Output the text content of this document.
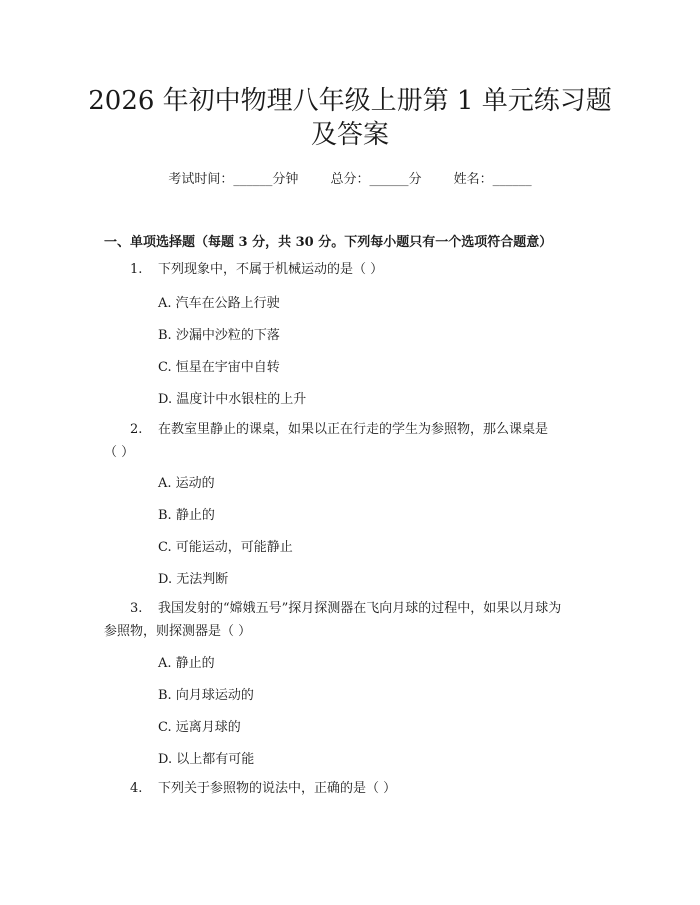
2026 年初中物理八年级上册第 1 单元练习题
及答案
考试时间：______分钟 总分：______分 姓名：______
一、单项选择题（每题 3 分，共 30 分。下列每小题只有一个选项符合题意）
1. 下列现象中，不属于机械运动的是（ ）
A. 汽车在公路上行驶
B. 沙漏中沙粒的下落
C. 恒星在宇宙中自转
D. 温度计中水银柱的上升
2. 在教室里静止的课桌，如果以正在行走的学生为参照物，那么课桌是
（ ）
A. 运动的
B. 静止的
C. 可能运动，可能静止
D. 无法判断
3. 我国发射的“嫦娥五号”探月探测器在飞向月球的过程中，如果以月球为
参照物，则探测器是（ ）
A. 静止的
B. 向月球运动的
C. 远离月球的
D. 以上都有可能
4. 下列关于参照物的说法中，正确的是（ ）
